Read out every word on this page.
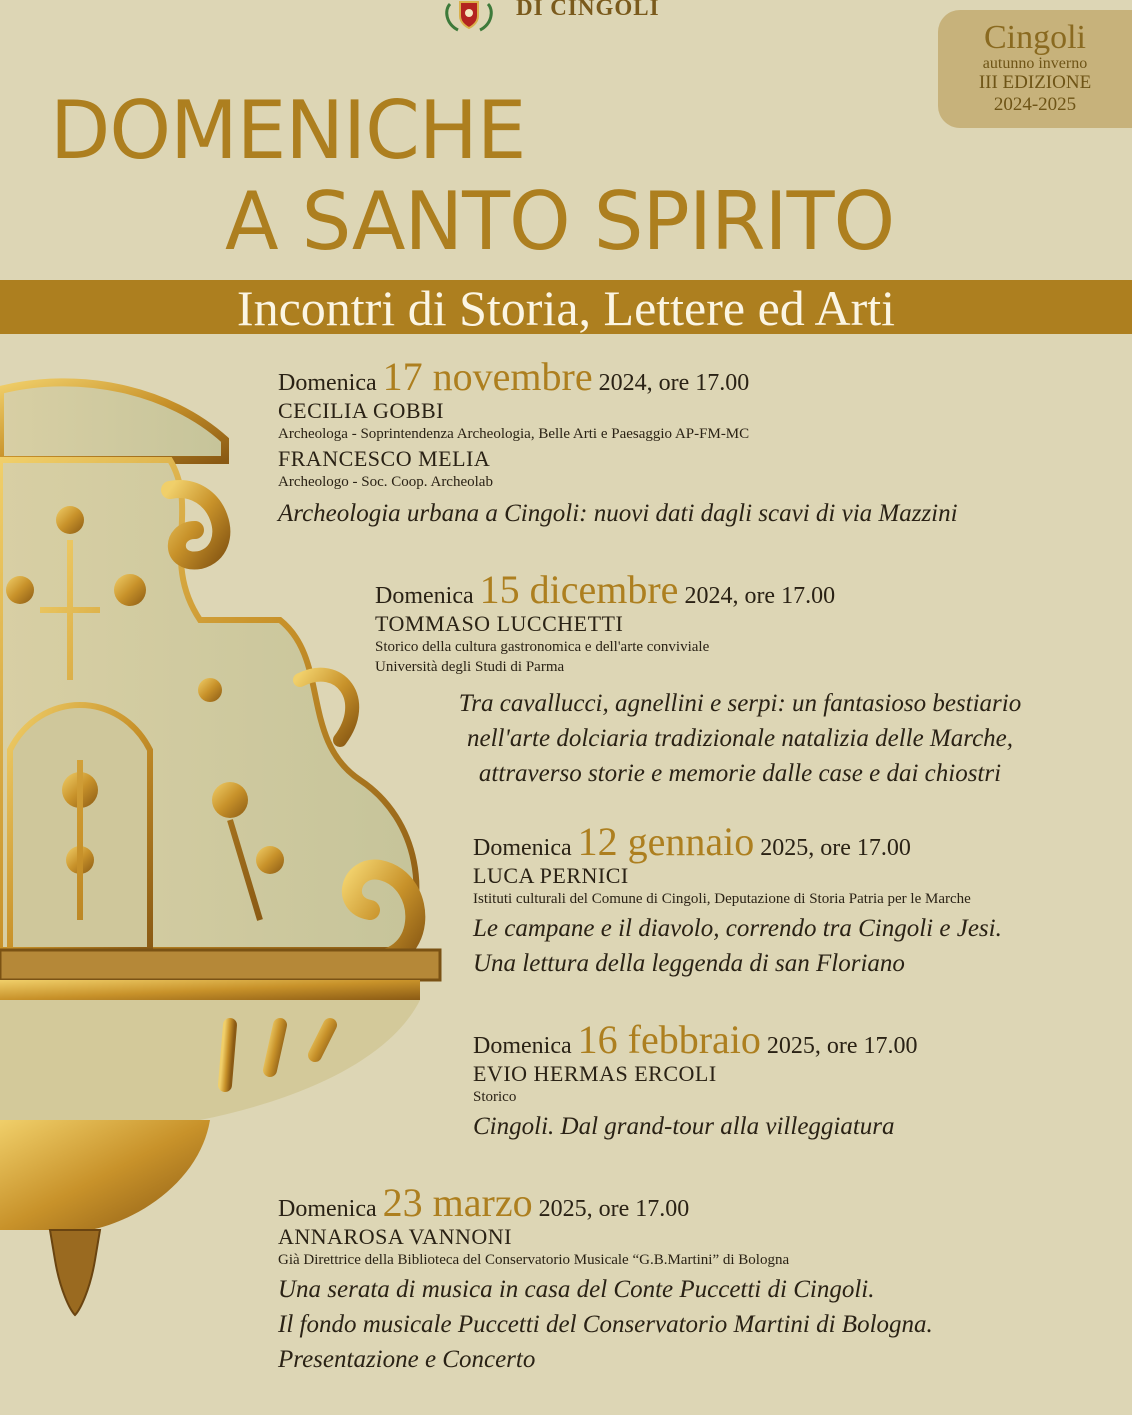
DI CINGOLI
Cingoli
autunno inverno
III EDIZIONE
2024-2025
DOMENICHE
A SANTO SPIRITO
Incontri di Storia, Lettere ed Arti
Domenica 17 novembre 2024, ore 17.00
CECILIA GOBBI
Archeologa - Soprintendenza Archeologia, Belle Arti e Paesaggio AP-FM-MC
FRANCESCO MELIA
Archeologo - Soc. Coop. Archeolab
Archeologia urbana a Cingoli: nuovi dati dagli scavi di via Mazzini
Domenica 15 dicembre 2024, ore 17.00
TOMMASO LUCCHETTI
Storico della cultura gastronomica e dell'arte conviviale
Università degli Studi di Parma
Tra cavallucci, agnellini e serpi: un fantasioso bestiario
nell'arte dolciaria tradizionale natalizia delle Marche,
attraverso storie e memorie dalle case e dai chiostri
Domenica 12 gennaio 2025, ore 17.00
LUCA PERNICI
Istituti culturali del Comune di Cingoli, Deputazione di Storia Patria per le Marche
Le campane e il diavolo, correndo tra Cingoli e Jesi.
Una lettura della leggenda di san Floriano
Domenica 16 febbraio 2025, ore 17.00
EVIO HERMAS ERCOLI
Storico
Cingoli. Dal grand-tour alla villeggiatura
Domenica 23 marzo 2025, ore 17.00
ANNAROSA VANNONI
Già Direttrice della Biblioteca del Conservatorio Musicale “G.B.Martini” di Bologna
Una serata di musica in casa del Conte Puccetti di Cingoli.
Il fondo musicale Puccetti del Conservatorio Martini di Bologna.
Presentazione e Concerto
